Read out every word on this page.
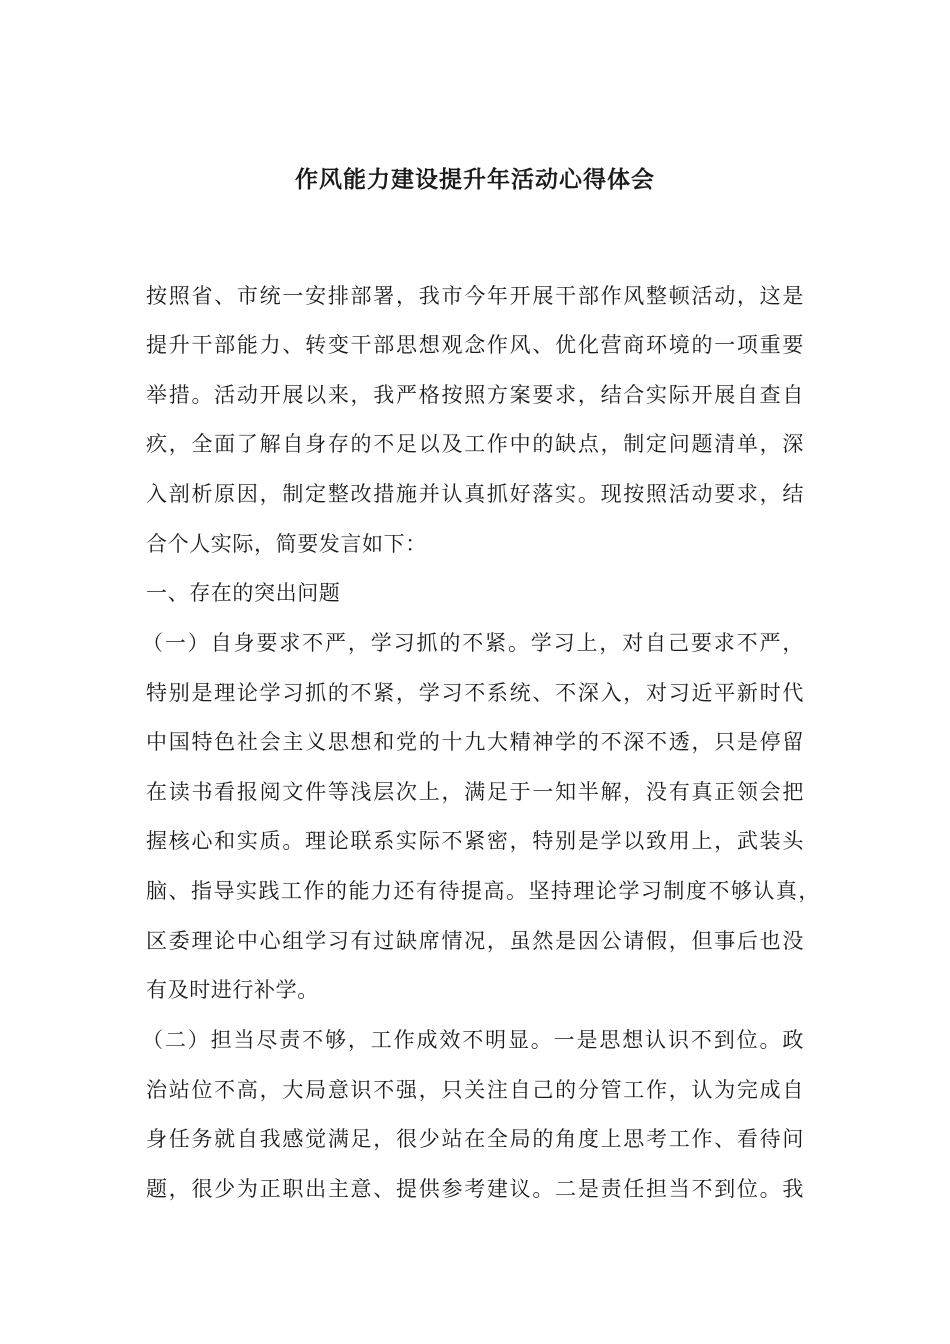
作风能力建设提升年活动心得体会
按照省、市统一安排部署，我市今年开展干部作风整顿活动，这是
提升干部能力、转变干部思想观念作风、优化营商环境的一项重要
举措。活动开展以来，我严格按照方案要求，结合实际开展自查自
疚，全面了解自身存的不足以及工作中的缺点，制定问题清单，深
入剖析原因，制定整改措施并认真抓好落实。现按照活动要求，结
合个人实际，简要发言如下：
一、存在的突出问题
（一）自身要求不严，学习抓的不紧。学习上，对自己要求不严，
特别是理论学习抓的不紧，学习不系统、不深入，对习近平新时代
中国特色社会主义思想和党的十九大精神学的不深不透，只是停留
在读书看报阅文件等浅层次上，满足于一知半解，没有真正领会把
握核心和实质。理论联系实际不紧密，特别是学以致用上，武装头
脑、指导实践工作的能力还有待提高。坚持理论学习制度不够认真，
区委理论中心组学习有过缺席情况，虽然是因公请假，但事后也没
有及时进行补学。
（二）担当尽责不够，工作成效不明显。一是思想认识不到位。政
治站位不高，大局意识不强，只关注自己的分管工作，认为完成自
身任务就自我感觉满足，很少站在全局的角度上思考工作、看待问
题，很少为正职出主意、提供参考建议。二是责任担当不到位。我
